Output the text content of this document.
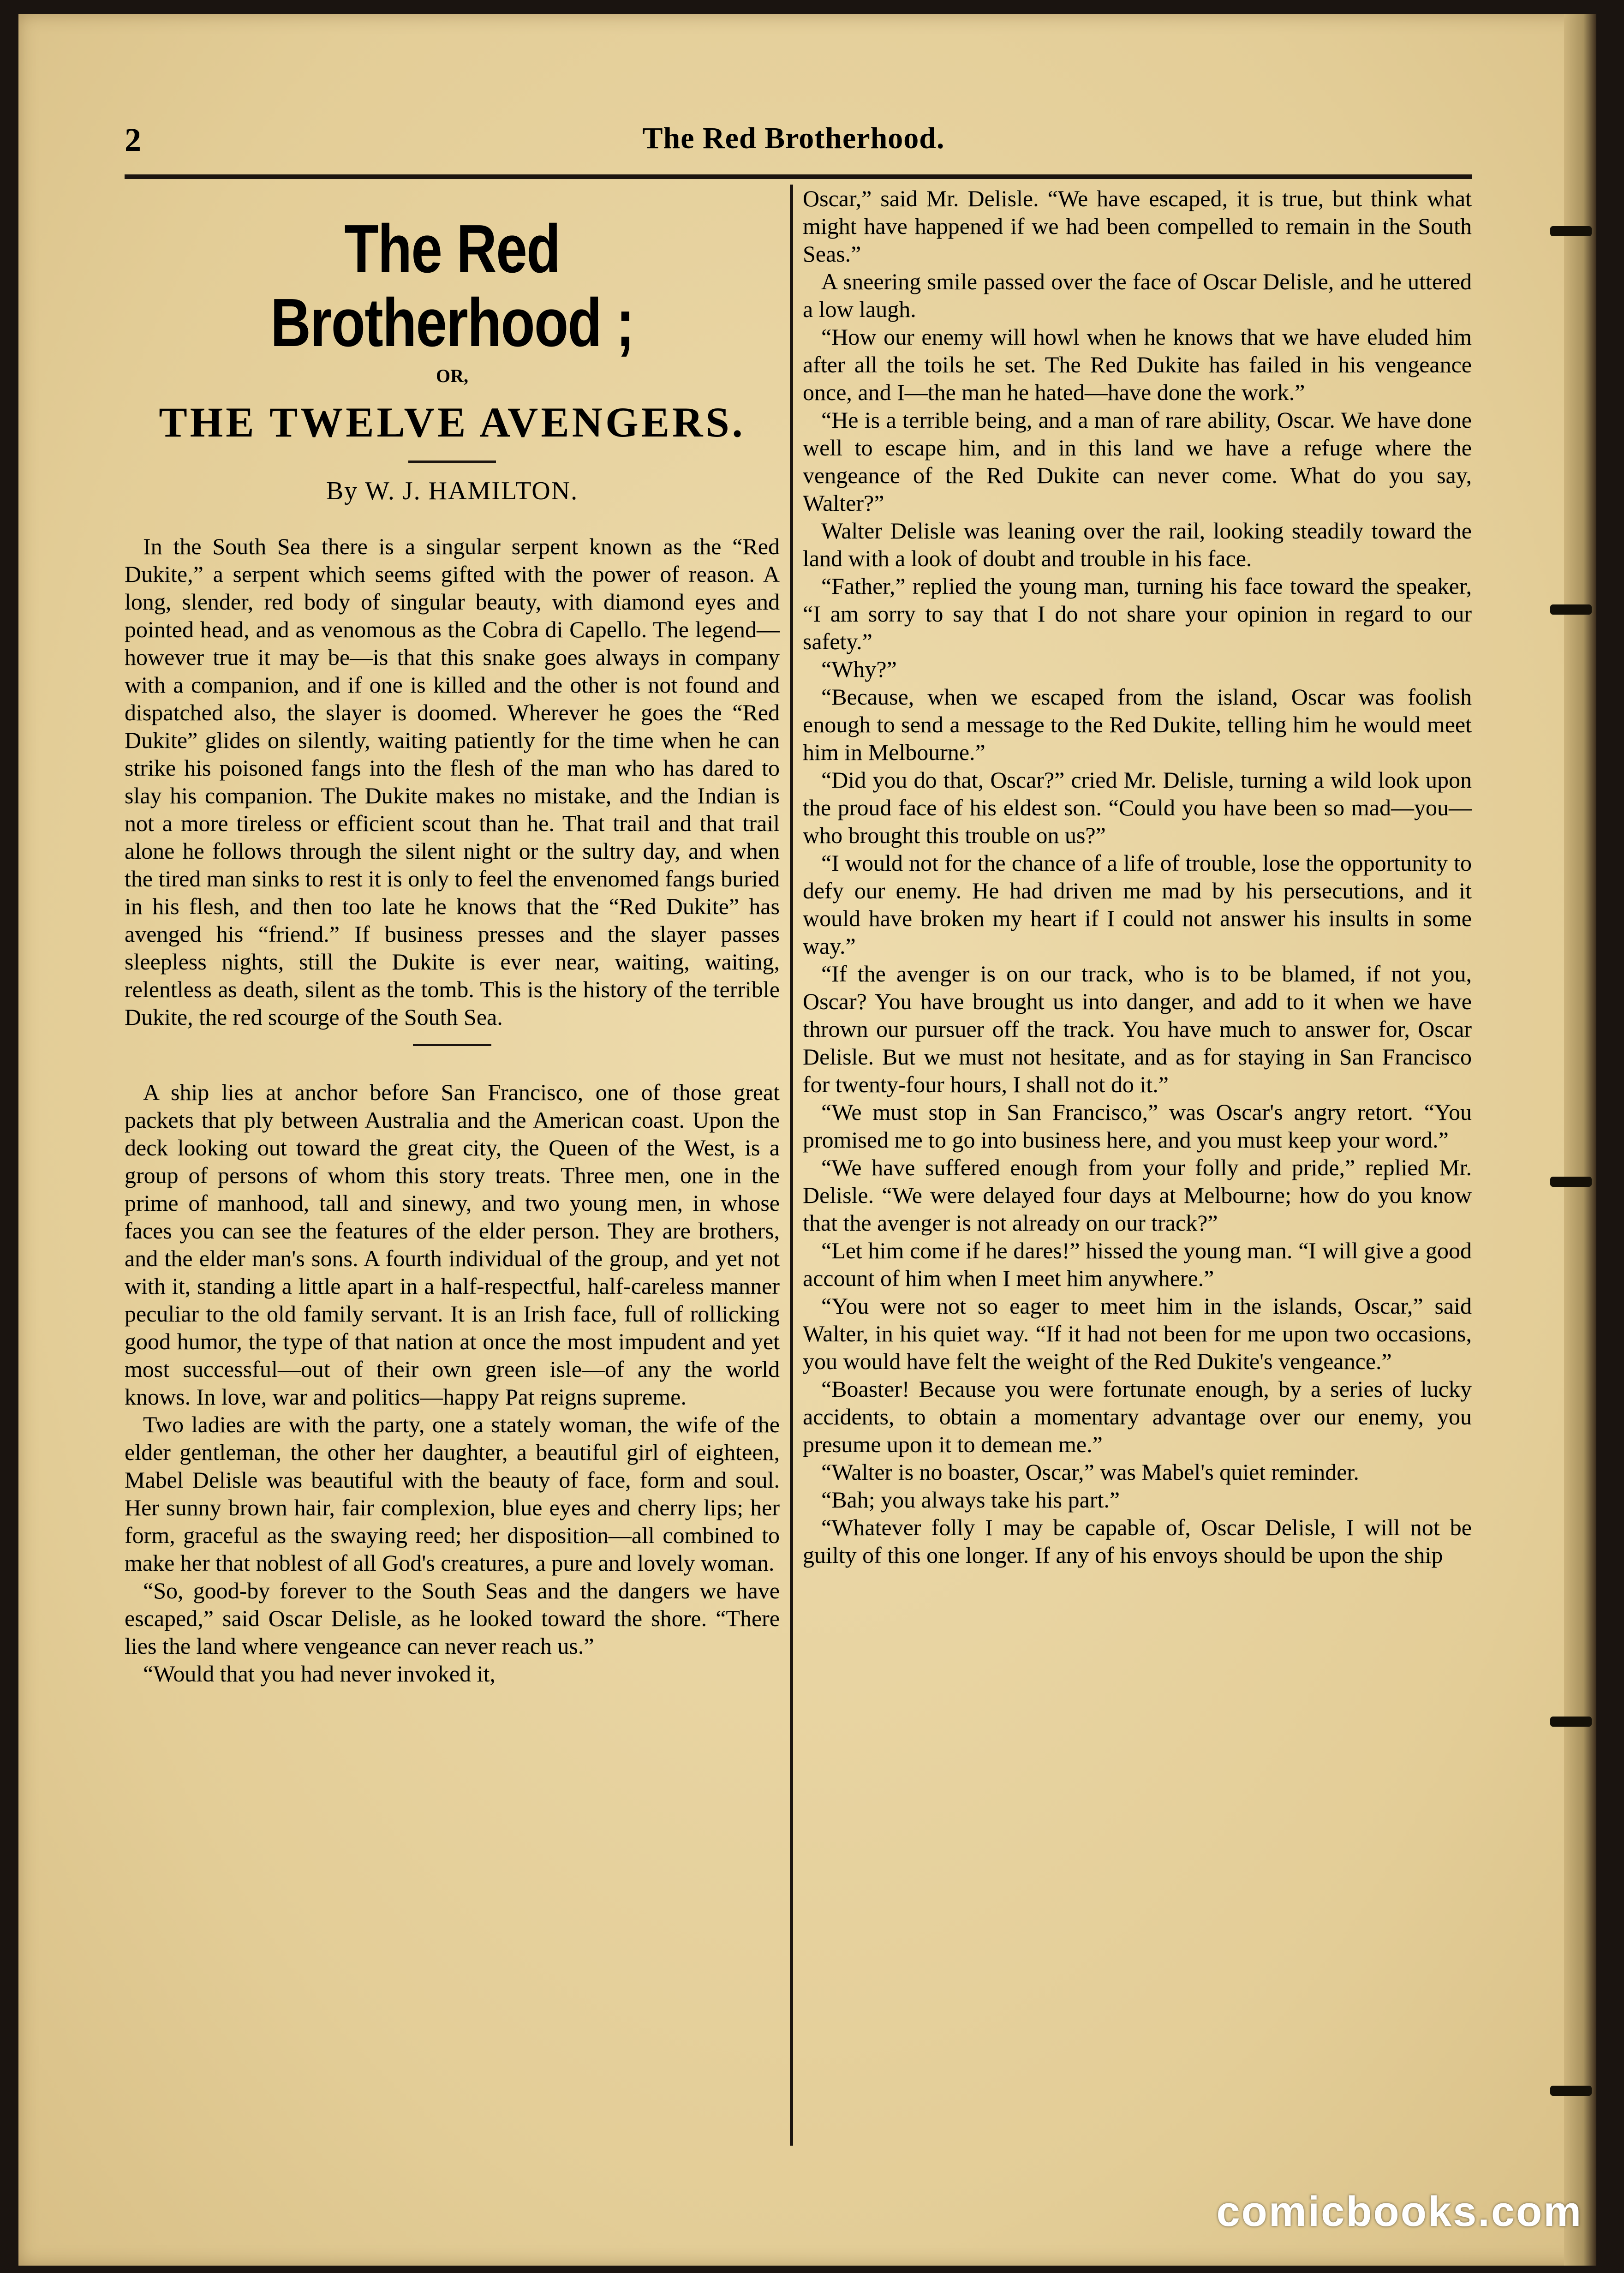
2	The Red Brotherhood.
The Red Brotherhood ;
OR,
THE TWELVE AVENGERS.
By W. J. HAMILTON.

In the South Sea there is a singular serpent known as the “Red Dukite,” a serpent which seems gifted with the power of reason. A long, slender, red body of singular beauty, with diamond eyes and pointed head, and as venomous as the Cobra di Capello. The legend—however true it may be—is that this snake goes always in company with a companion, and if one is killed and the other is not found and dispatched also, the slayer is doomed. Wherever he goes the “Red Dukite” glides on silently, waiting patiently for the time when he can strike his poisoned fangs into the flesh of the man who has dared to slay his companion. The Dukite makes no mistake, and the Indian is not a more tireless or efficient scout than he. That trail and that trail alone he follows through the silent night or the sultry day, and when the tired man sinks to rest it is only to feel the envenomed fangs buried in his flesh, and then too late he knows that the “Red Dukite” has avenged his “friend.” If business presses and the slayer passes sleepless nights, still the Dukite is ever near, waiting, waiting, relentless as death, silent as the tomb. This is the history of the terrible Dukite, the red scourge of the South Sea.

A ship lies at anchor before San Francisco, one of those great packets that ply between Australia and the American coast. Upon the deck looking out toward the great city, the Queen of the West, is a group of persons of whom this story treats. Three men, one in the prime of manhood, tall and sinewy, and two young men, in whose faces you can see the features of the elder person. They are brothers, and the elder man's sons. A fourth individual of the group, and yet not with it, standing a little apart in a half-respectful, half-careless manner peculiar to the old family servant. It is an Irish face, full of rollicking good humor, the type of that nation at once the most impudent and yet most successful—out of their own green isle—of any the world knows. In love, war and politics—happy Pat reigns supreme.

Two ladies are with the party, one a stately woman, the wife of the elder gentleman, the other her daughter, a beautiful girl of eighteen, Mabel Delisle was beautiful with the beauty of face, form and soul. Her sunny brown hair, fair complexion, blue eyes and cherry lips; her form, graceful as the swaying reed; her disposition—all combined to make her that noblest of all God's creatures, a pure and lovely woman.

“So, good-by forever to the South Seas and the dangers we have escaped,” said Oscar Delisle, as he looked toward the shore. “There lies the land where vengeance can never reach us.”

“Would that you had never invoked it,

Oscar,” said Mr. Delisle. “We have escaped, it is true, but think what might have happened if we had been compelled to remain in the South Seas.”

A sneering smile passed over the face of Oscar Delisle, and he uttered a low laugh.

“How our enemy will howl when he knows that we have eluded him after all the toils he set. The Red Dukite has failed in his vengeance once, and I—the man he hated—have done the work.”

“He is a terrible being, and a man of rare ability, Oscar. We have done well to escape him, and in this land we have a refuge where the vengeance of the Red Dukite can never come. What do you say, Walter?”

Walter Delisle was leaning over the rail, looking steadily toward the land with a look of doubt and trouble in his face.

“Father,” replied the young man, turning his face toward the speaker, “I am sorry to say that I do not share your opinion in regard to our safety.”

“Why?”

“Because, when we escaped from the island, Oscar was foolish enough to send a message to the Red Dukite, telling him he would meet him in Melbourne.”

“Did you do that, Oscar?” cried Mr. Delisle, turning a wild look upon the proud face of his eldest son. “Could you have been so mad—you—who brought this trouble on us?”

“I would not for the chance of a life of trouble, lose the opportunity to defy our enemy. He had driven me mad by his persecutions, and it would have broken my heart if I could not answer his insults in some way.”

“If the avenger is on our track, who is to be blamed, if not you, Oscar? You have brought us into danger, and add to it when we have thrown our pursuer off the track. You have much to answer for, Oscar Delisle. But we must not hesitate, and as for staying in San Francisco for twenty-four hours, I shall not do it.”

“We must stop in San Francisco,” was Oscar's angry retort. “You promised me to go into business here, and you must keep your word.”

“We have suffered enough from your folly and pride,” replied Mr. Delisle. “We were delayed four days at Melbourne; how do you know that the avenger is not already on our track?”

“Let him come if he dares!” hissed the young man. “I will give a good account of him when I meet him anywhere.”

“You were not so eager to meet him in the islands, Oscar,” said Walter, in his quiet way. “If it had not been for me upon two occasions, you would have felt the weight of the Red Dukite's vengeance.”

“Boaster! Because you were fortunate enough, by a series of lucky accidents, to obtain a momentary advantage over our enemy, you presume upon it to demean me.”

“Walter is no boaster, Oscar,” was Mabel's quiet reminder.

“Bah; you always take his part.”

“Whatever folly I may be capable of, Oscar Delisle, I will not be guilty of this one longer. If any of his envoys should be upon the ship

comicbooks.com
